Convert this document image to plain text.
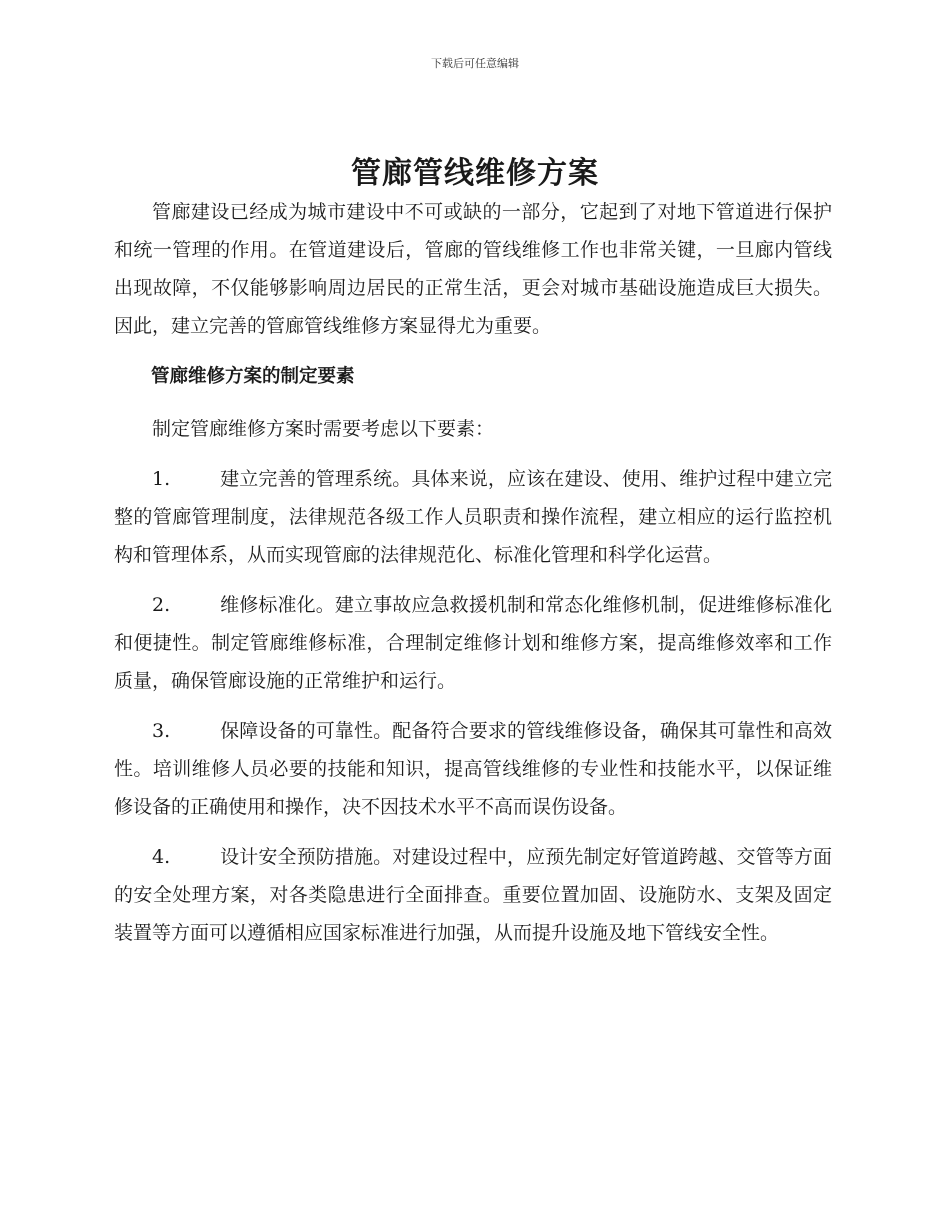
下载后可任意编辑
管廊管线维修方案

管廊建设已经成为城市建设中不可或缺的一部分，它起到了对地下管道进行保护和统一管理的作用。在管道建设后，管廊的管线维修工作也非常关键，一旦廊内管线出现故障，不仅能够影响周边居民的正常生活，更会对城市基础设施造成巨大损失。因此，建立完善的管廊管线维修方案显得尤为重要。

管廊维修方案的制定要素

制定管廊维修方案时需要考虑以下要素：

1.	建立完善的管理系统。具体来说，应该在建设、使用、维护过程中建立完整的管廊管理制度，法律规范各级工作人员职责和操作流程，建立相应的运行监控机构和管理体系，从而实现管廊的法律规范化、标准化管理和科学化运营。

2.	维修标准化。建立事故应急救援机制和常态化维修机制，促进维修标准化和便捷性。制定管廊维修标准，合理制定维修计划和维修方案，提高维修效率和工作质量，确保管廊设施的正常维护和运行。

3.	保障设备的可靠性。配备符合要求的管线维修设备，确保其可靠性和高效性。培训维修人员必要的技能和知识，提高管线维修的专业性和技能水平，以保证维修设备的正确使用和操作，决不因技术水平不高而误伤设备。

4.	设计安全预防措施。对建设过程中，应预先制定好管道跨越、交管等方面的安全处理方案，对各类隐患进行全面排查。重要位置加固、设施防水、支架及固定装置等方面可以遵循相应国家标准进行加强，从而提升设施及地下管线安全性。
